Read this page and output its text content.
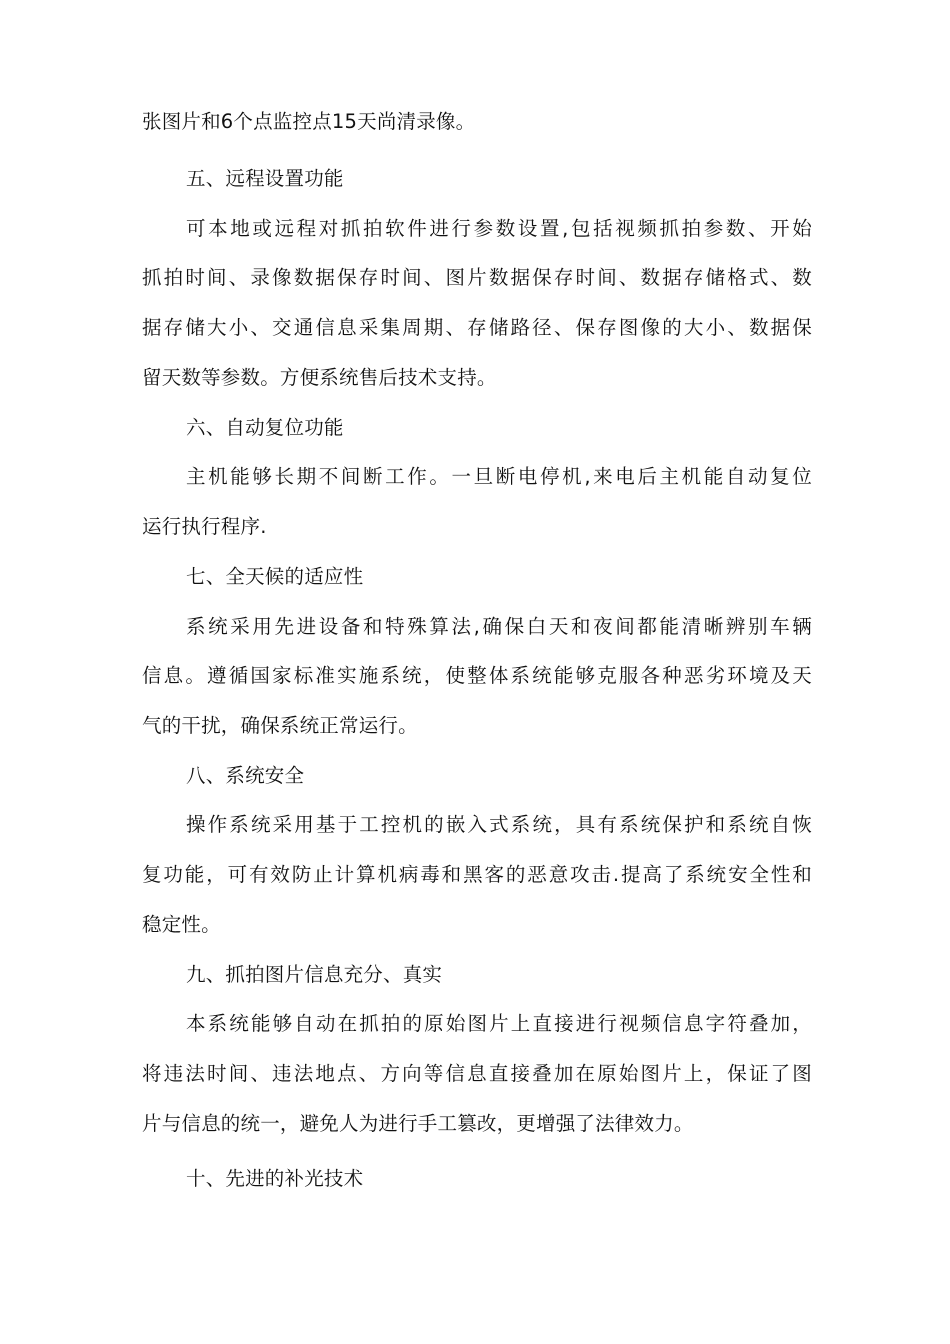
张图片和6个点监控点15天尚清录像。
五、远程设置功能
可本地或远程对抓拍软件进行参数设置,包括视频抓拍参数、开始
抓拍时间、录像数据保存时间、图片数据保存时间、数据存储格式、数
据存储大小、交通信息采集周期、存储路径、保存图像的大小、数据保
留天数等参数。方便系统售后技术支持。
六、自动复位功能
主机能够长期不间断工作。一旦断电停机,来电后主机能自动复位
运行执行程序.
七、全天候的适应性
系统采用先进设备和特殊算法,确保白天和夜间都能清晰辨别车辆
信息。遵循国家标准实施系统，使整体系统能够克服各种恶劣环境及天
气的干扰，确保系统正常运行。
八、系统安全
操作系统采用基于工控机的嵌入式系统，具有系统保护和系统自恢
复功能，可有效防止计算机病毒和黑客的恶意攻击.提高了系统安全性和
稳定性。
九、抓拍图片信息充分、真实
本系统能够自动在抓拍的原始图片上直接进行视频信息字符叠加，
将违法时间、违法地点、方向等信息直接叠加在原始图片上，保证了图
片与信息的统一，避免人为进行手工篡改，更增强了法律效力。
十、先进的补光技术
